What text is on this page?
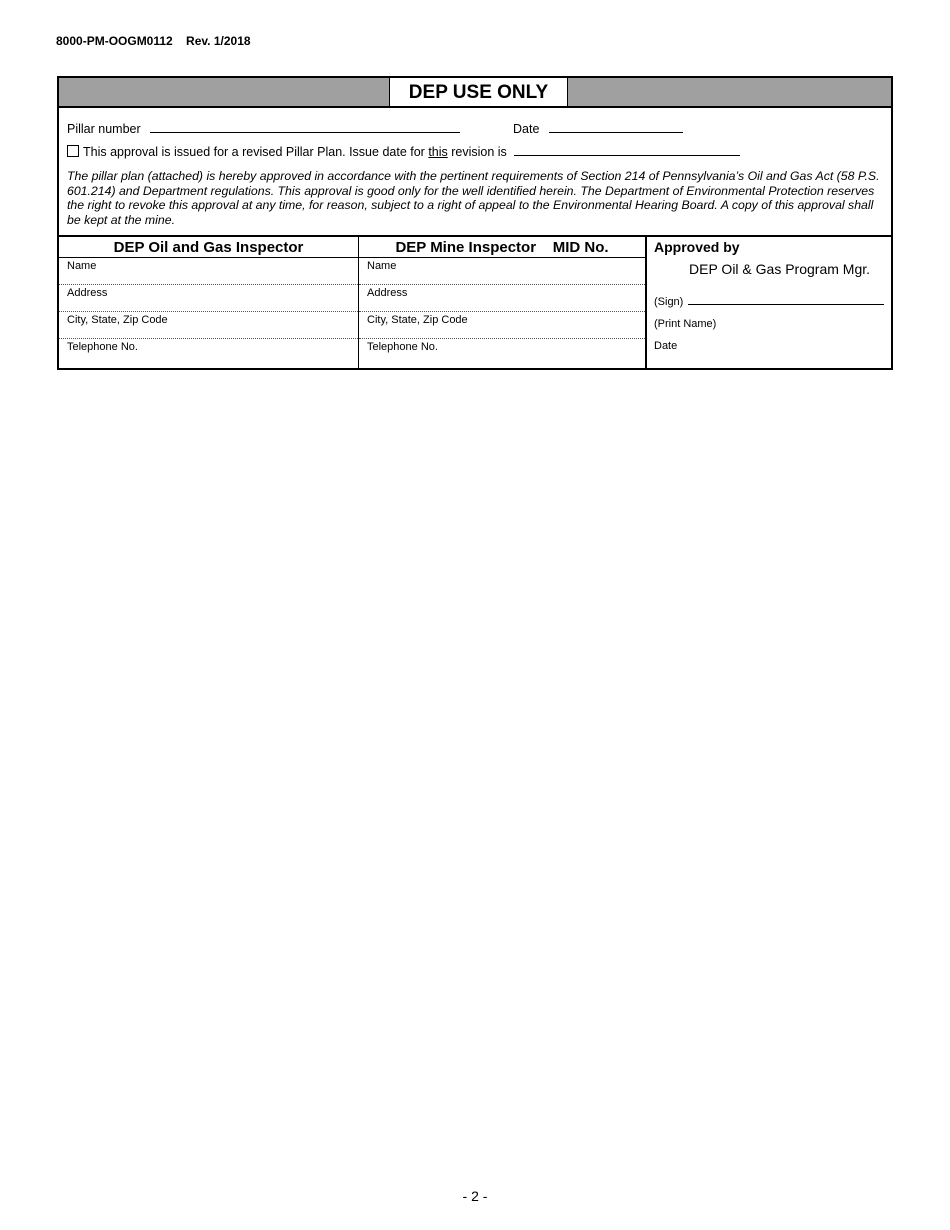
8000-PM-OOGM0112    Rev. 1/2018
DEP USE ONLY
Pillar number	Date
This approval is issued for a revised Pillar Plan. Issue date for this revision is
The pillar plan (attached) is hereby approved in accordance with the pertinent requirements of Section 214 of Pennsylvania’s Oil and Gas Act (58 P.S. 601.214) and Department regulations. This approval is good only for the well identified herein. The Department of Environmental Protection reserves the right to revoke this approval at any time, for reason, subject to a right of appeal to the Environmental Hearing Board. A copy of this approval shall be kept at the mine.
DEP Oil and Gas Inspector
Name
Address
City, State, Zip Code
Telephone No.
DEP Mine Inspector    MID No.
Name
Address
City, State, Zip Code
Telephone No.
Approved by
DEP Oil & Gas Program Mgr.
(Sign)
(Print Name)
Date
- 2 -
